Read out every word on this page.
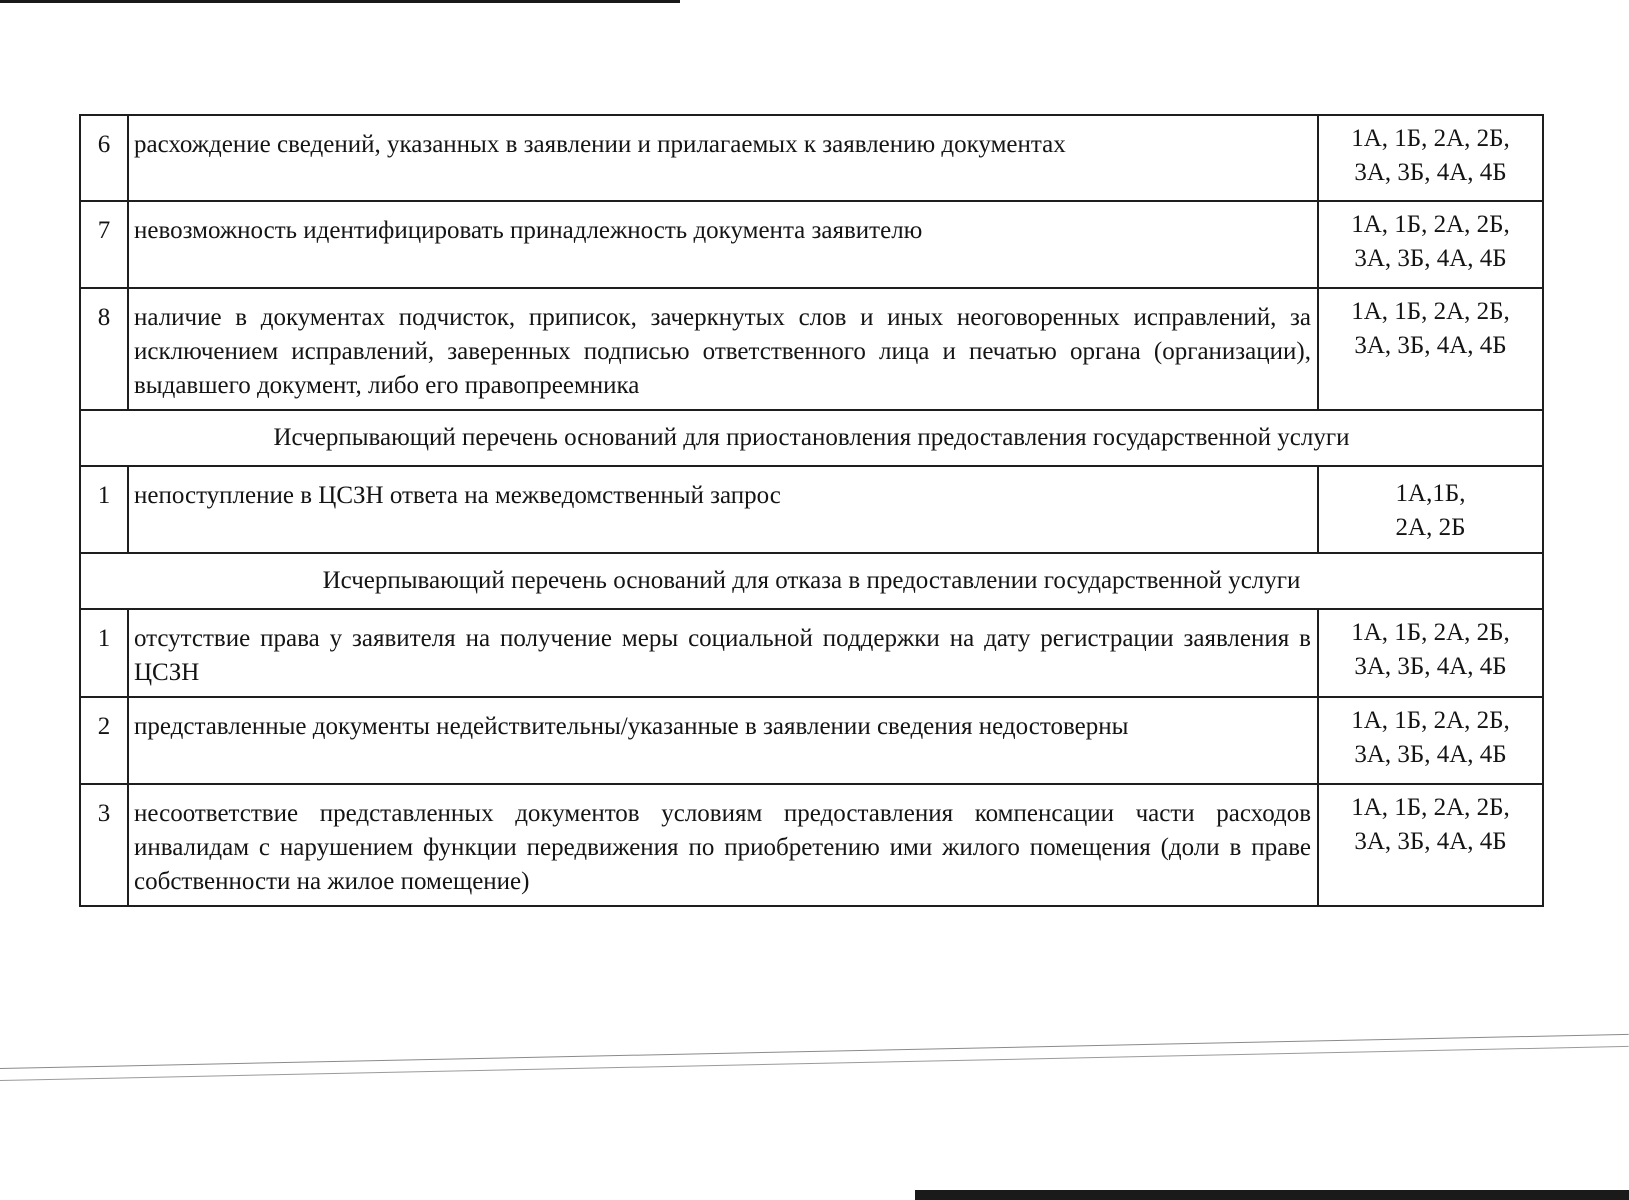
6	расхождение сведений, указанных в заявлении и прилагаемых к заявлению документах	1А, 1Б, 2А, 2Б,
3А, 3Б, 4А, 4Б

7	невозможность идентифицировать принадлежность документа заявителю	1А, 1Б, 2А, 2Б,
3А, 3Б, 4А, 4Б

8	наличие в документах подчисток, приписок, зачеркнутых слов и иных неоговоренных исправлений, за исключением исправлений, заверенных подписью ответственного лица и печатью органа (организации), выдавшего документ, либо его правопреемника	1А, 1Б, 2А, 2Б,
3А, 3Б, 4А, 4Б

Исчерпывающий перечень оснований для приостановления предоставления государственной услуги		
1	непоступление в ЦСЗН ответа на межведомственный запрос	1А,1Б,
2А, 2Б

Исчерпывающий перечень оснований для отказа в предоставлении государственной услуги		
1	отсутствие права у заявителя на получение меры социальной поддержки на дату регистрации заявления в ЦСЗН	1А, 1Б, 2А, 2Б,
3А, 3Б, 4А, 4Б

2	представленные документы недействительны/указанные в заявлении сведения недостоверны	1А, 1Б, 2А, 2Б,
3А, 3Б, 4А, 4Б

3	несоответствие представленных документов условиям предоставления компенсации части расходов инвалидам с нарушением функции передвижения по приобретению ими жилого помещения (доли в праве собственности на жилое помещение)	1А, 1Б, 2А, 2Б,
3А, 3Б, 4А, 4Б
